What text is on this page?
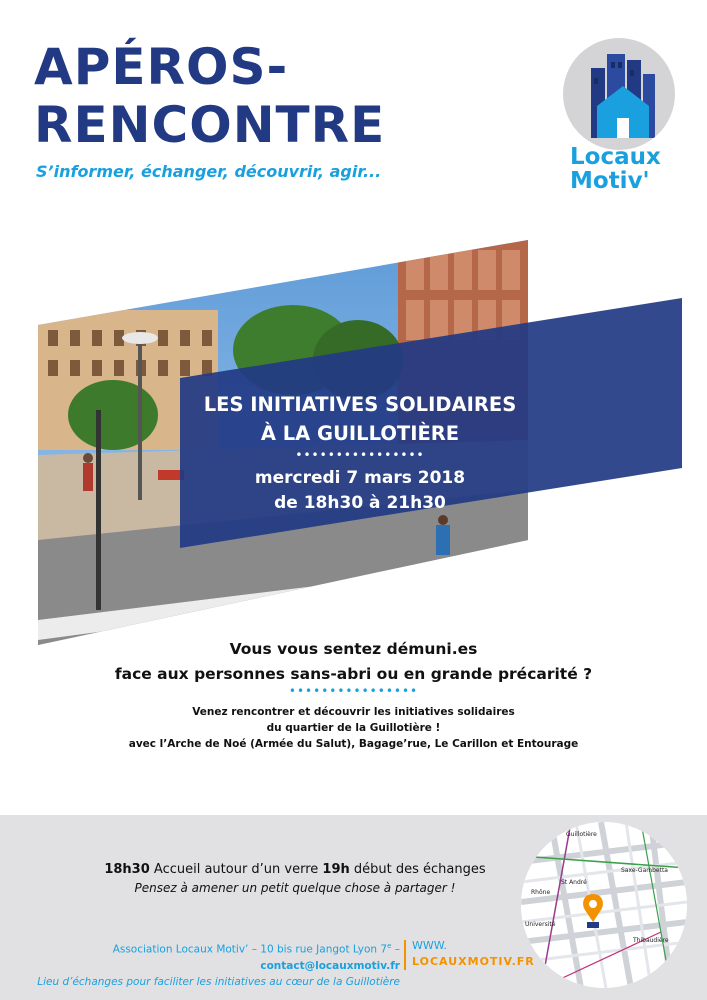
APÉROS-
RENCONTRE
S’informer, échanger, découvrir, agir...
Locaux
Motiv'
LES INITIATIVES SOLIDAIRES
À LA GUILLOTIÈRE
••••••••••••••••
mercredi 7 mars 2018
de 18h30 à 21h30
Vous vous sentez démuni.es
face aux personnes sans-abri ou en grande précarité ?
••••••••••••••••
Venez rencontrer et découvrir les initiatives solidaires
du quartier de la Guillotière !
avec l’Arche de Noé (Armée du Salut), Bagage’rue, Le Carillon et Entourage
18h30 Accueil autour d’un verre 19h début des échanges
Pensez à amener un petit quelque chose à partager !
Association Locaux Motiv’ – 10 bis rue Jangot Lyon 7e – contact@locauxmotiv.fr
Lieu d’échanges pour faciliter les initiatives au cœur de la Guillotière
WWW.
LOCAUXMOTIV.FR
Guillotière
Saxe-Gambetta
St André
Rhône
Université
Thibaudière
